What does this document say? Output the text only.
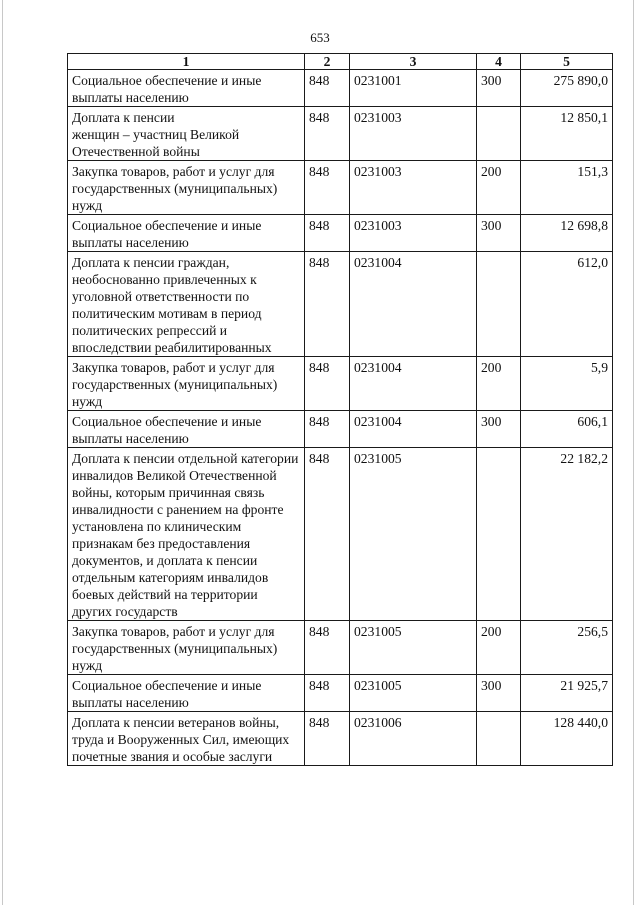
653
1	2	3	4	5
Социальное обеспечение и иные выплаты населению	848	0231001	300	275 890,0
Доплата к пенсии
женщин – участниц Великой
Отечественной войны	848	0231003		12 850,1
Закупка товаров, работ и услуг для государственных (муниципальных) нужд	848	0231003	200	151,3
Социальное обеспечение и иные выплаты населению	848	0231003	300	12 698,8
Доплата к пенсии граждан, необоснованно привлеченных к уголовной ответственности по политическим мотивам в период политических репрессий и впоследствии реабилитированных	848	0231004		612,0
Закупка товаров, работ и услуг для государственных (муниципальных) нужд	848	0231004	200	5,9
Социальное обеспечение и иные выплаты населению	848	0231004	300	606,1
Доплата к пенсии отдельной категории инвалидов Великой Отечественной войны, которым причинная связь инвалидности с ранением на фронте установлена по клиническим признакам без предоставления документов, и доплата к пенсии отдельным категориям инвалидов боевых действий на территории других государств	848	0231005		22 182,2
Закупка товаров, работ и услуг для государственных (муниципальных) нужд	848	0231005	200	256,5
Социальное обеспечение и иные выплаты населению	848	0231005	300	21 925,7
Доплата к пенсии ветеранов войны, труда и Вооруженных Сил, имеющих почетные звания и особые заслуги	848	0231006		128 440,0
